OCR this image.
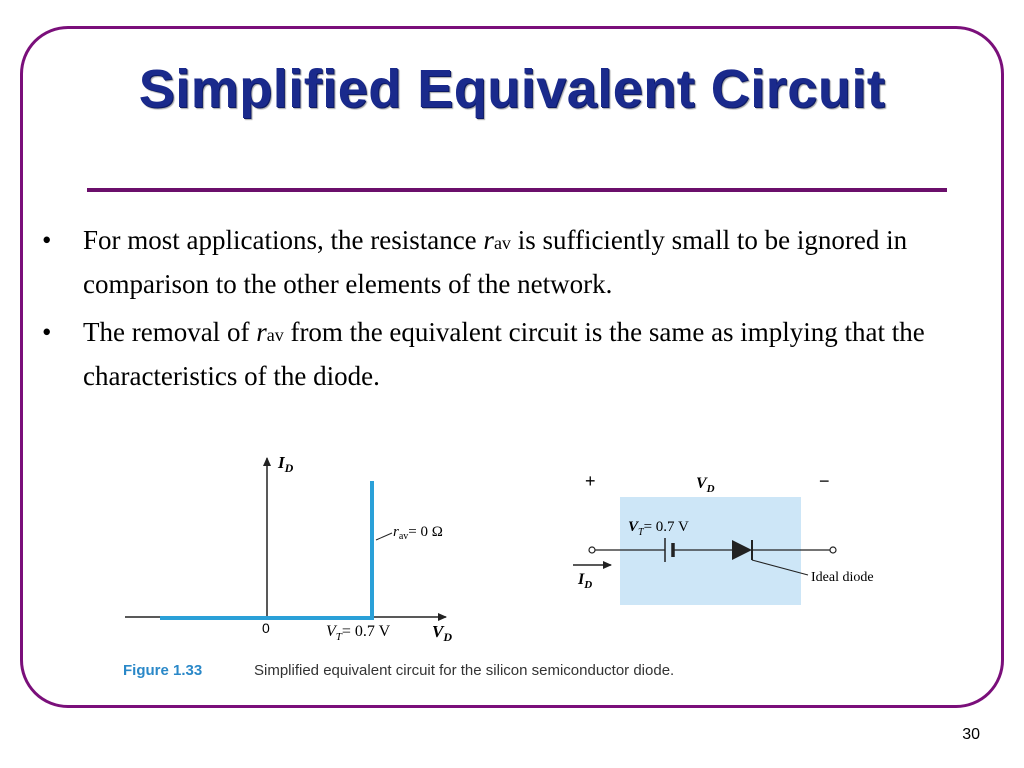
Simplified Equivalent Circuit
• For most applications, the resistance rav is sufficiently small to be ignored in comparison to the other elements of the network.
• The removal of rav from the equivalent circuit is the same as implying that the characteristics of the diode.
$I_D$
$V_D$
0	$V_T= 0.7$ V
$r_{av}= 0$ Ω
+	−
$V_D$
$V_T= 0.7$ V
Ideal diode
$I_D$
Figure 1.33	Simplified equivalent circuit for the silicon semiconductor diode.
30
